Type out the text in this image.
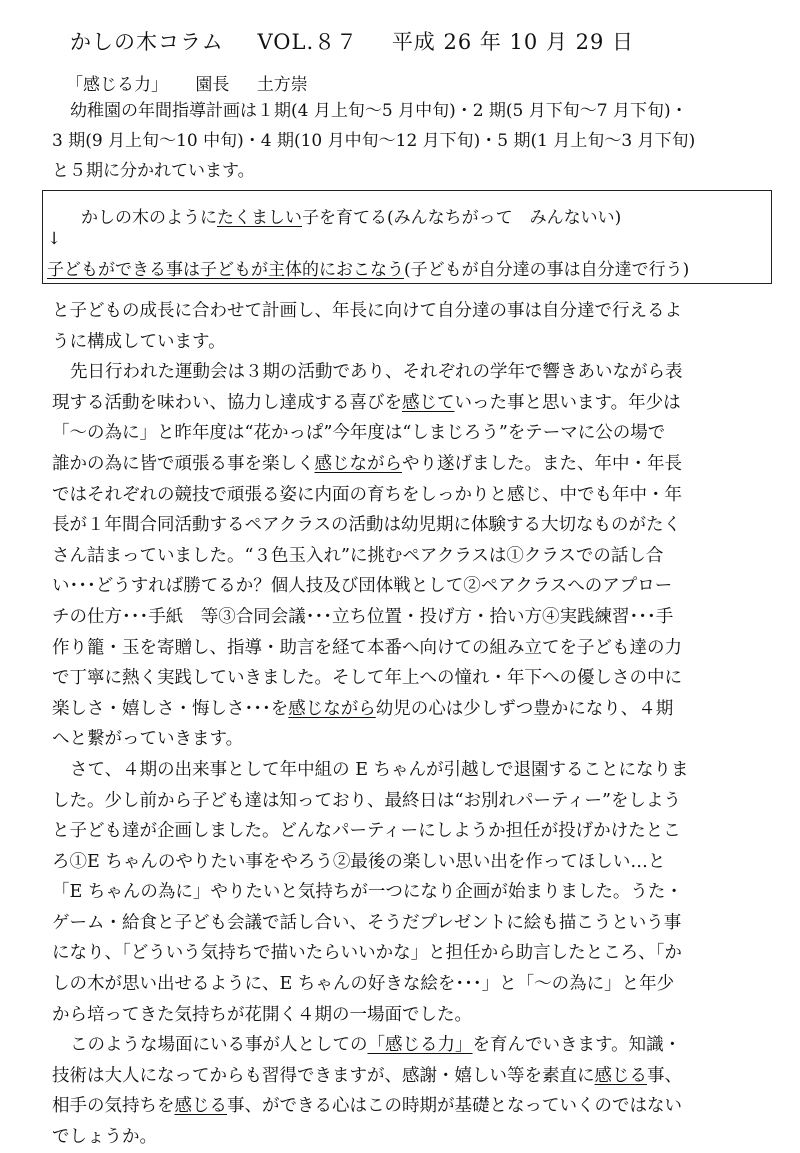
かしの木コラム VOL.８７ 平成 26 年 10 月 29 日
「感じる力」 園長 土方崇

幼稚園の年間指導計画は１期(4 月上旬～5 月中旬)・2 期(5 月下旬～7 月下旬)・

3 期(9 月上旬～10 中旬)・4 期(10 月中旬～12 月下旬)・5 期(1 月上旬～3 月下旬)

と５期に分かれています。

かしの木のようにたくましい子を育てる(みんなちがって　みんないい)
↓
子どもができる事は子どもが主体的におこなう(子どもが自分達の事は自分達で行う)

と子どもの成長に合わせて計画し、年長に向けて自分達の事は自分達で行えるよ

うに構成しています。

先日行われた運動会は３期の活動であり、それぞれの学年で響きあいながら表

現する活動を味わい、協力し達成する喜びを感じていった事と思います。年少は

「～の為に」と昨年度は“花かっぱ”今年度は“しまじろう”をテーマに公の場で

誰かの為に皆で頑張る事を楽しく感じながらやり遂げました。また、年中・年長

ではそれぞれの競技で頑張る姿に内面の育ちをしっかりと感じ、中でも年中・年

長が１年間合同活動するペアクラスの活動は幼児期に体験する大切なものがたく

さん詰まっていました。“３色玉入れ”に挑むペアクラスは①クラスでの話し合

い･･･どうすれば勝てるか？個人技及び団体戦として②ペアクラスへのアプロー

チの仕方･･･手紙　等③合同会議･･･立ち位置・投げ方・拾い方④実践練習･･･手

作り籠・玉を寄贈し、指導・助言を経て本番へ向けての組み立てを子ども達の力

で丁寧に熱く実践していきました。そして年上への憧れ・年下への優しさの中に

楽しさ・嬉しさ・悔しさ･･･を感じながら幼児の心は少しずつ豊かになり、４期

へと繋がっていきます。

さて、４期の出来事として年中組の E ちゃんが引越しで退園することになりま

した。少し前から子ども達は知っており、最終日は“お別れパーティー”をしよう

と子ども達が企画しました。どんなパーティーにしようか担任が投げかけたとこ

ろ①E ちゃんのやりたい事をやろう②最後の楽しい思い出を作ってほしい…と

「E ちゃんの為に」やりたいと気持ちが一つになり企画が始まりました。うた・

ゲーム・給食と子ども会議で話し合い、そうだプレゼントに絵も描こうという事

になり、「どういう気持ちで描いたらいいかな」と担任から助言したところ、「か

しの木が思い出せるように、E ちゃんの好きな絵を･･･」と「～の為に」と年少

から培ってきた気持ちが花開く４期の一場面でした。

このような場面にいる事が人としての「感じる力」を育んでいきます。知識・

技術は大人になってからも習得できますが、感謝・嬉しい等を素直に感じる事、

相手の気持ちを感じる事、ができる心はこの時期が基礎となっていくのではない

でしょうか。
